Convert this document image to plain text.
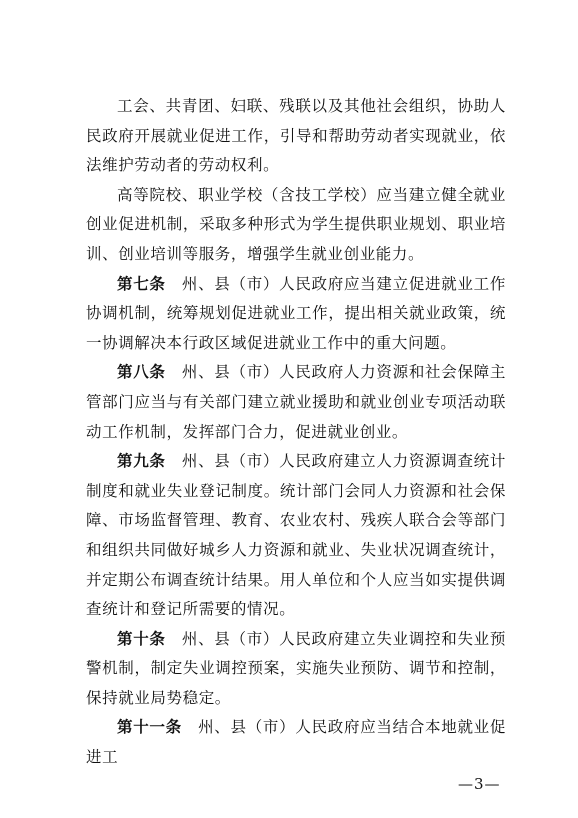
工会、共青团、妇联、残联以及其他社会组织，协助人民政府开展就业促进工作，引导和帮助劳动者实现就业，依法维护劳动者的劳动权利。

高等院校、职业学校（含技工学校）应当建立健全就业创业促进机制，采取多种形式为学生提供职业规划、职业培训、创业培训等服务，增强学生就业创业能力。

第七条　 州、县（市）人民政府应当建立促进就业工作协调机制，统筹规划促进就业工作，提出相关就业政策，统一协调解决本行政区域促进就业工作中的重大问题。

第八条　 州、县（市）人民政府人力资源和社会保障主管部门应当与有关部门建立就业援助和就业创业专项活动联动工作机制，发挥部门合力，促进就业创业。

第九条　 州、县（市）人民政府建立人力资源调查统计制度和就业失业登记制度。统计部门会同人力资源和社会保障、市场监督管理、教育、农业农村、残疾人联合会等部门和组织共同做好城乡人力资源和就业、失业状况调查统计，并定期公布调查统计结果。用人单位和个人应当如实提供调查统计和登记所需要的情况。

第十条　 州、县（市）人民政府建立失业调控和失业预警机制，制定失业调控预案，实施失业预防、调节和控制，保持就业局势稳定。

第十一条　 州、县（市）人民政府应当结合本地就业促进工

—3—
